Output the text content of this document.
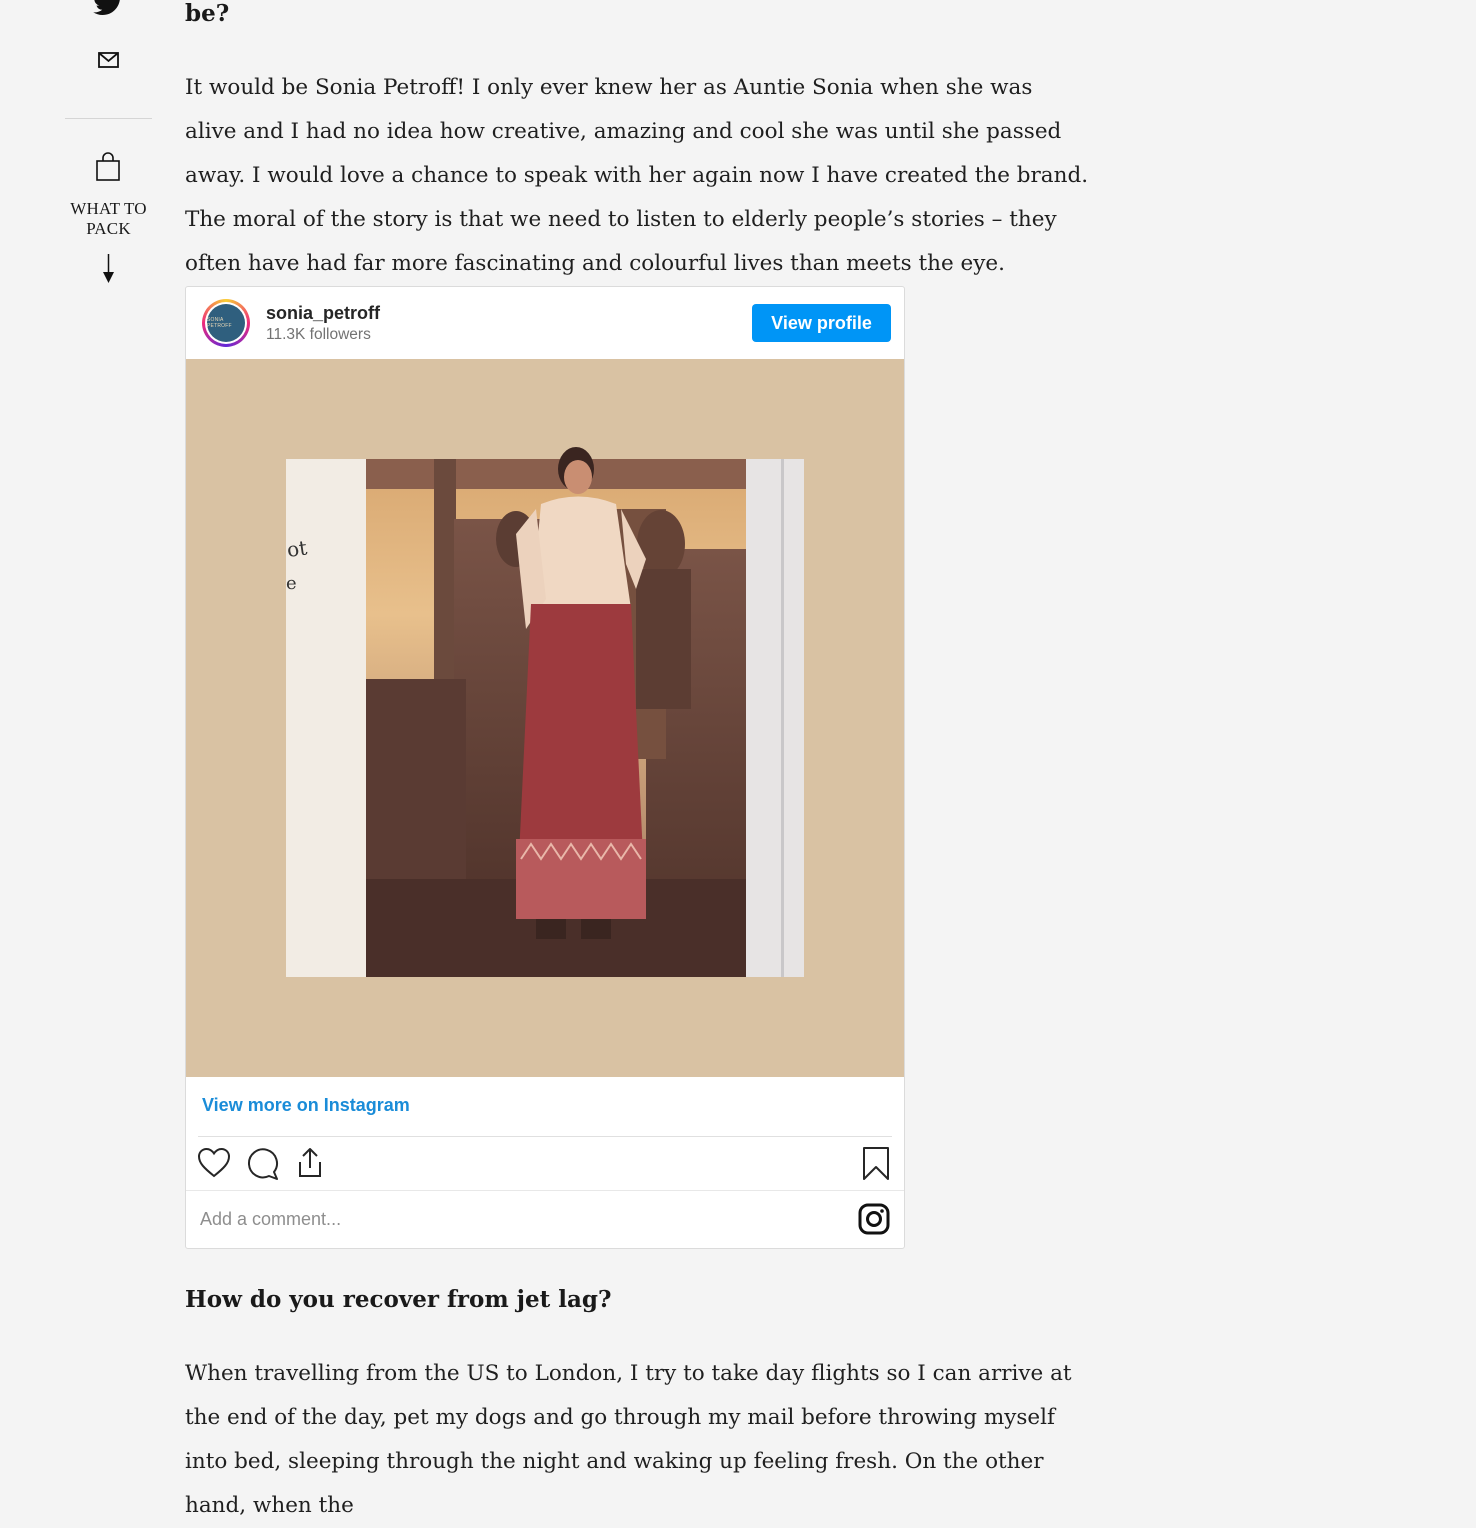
WHAT TO PACK
be?

It would be Sonia Petroff! I only ever knew her as Auntie Sonia when she was alive and I had no idea how creative, amazing and cool she was until she passed away. I would love a chance to speak with her again now I have created the brand. The moral of the story is that we need to listen to elderly people’s stories – they often have had far more fascinating and colourful lives than meets the eye.

How do you recover from jet lag?

When travelling from the US to London, I try to take day flights so I can arrive at the end of the day, pet my dogs and go through my mail before throwing myself into bed, sleeping through the night and waking up feeling fresh. On the other hand, when the

SONIA PETROFF
sonia_petroff
11.3K followers
View profile
ot
e
View more on Instagram
Add a comment...
